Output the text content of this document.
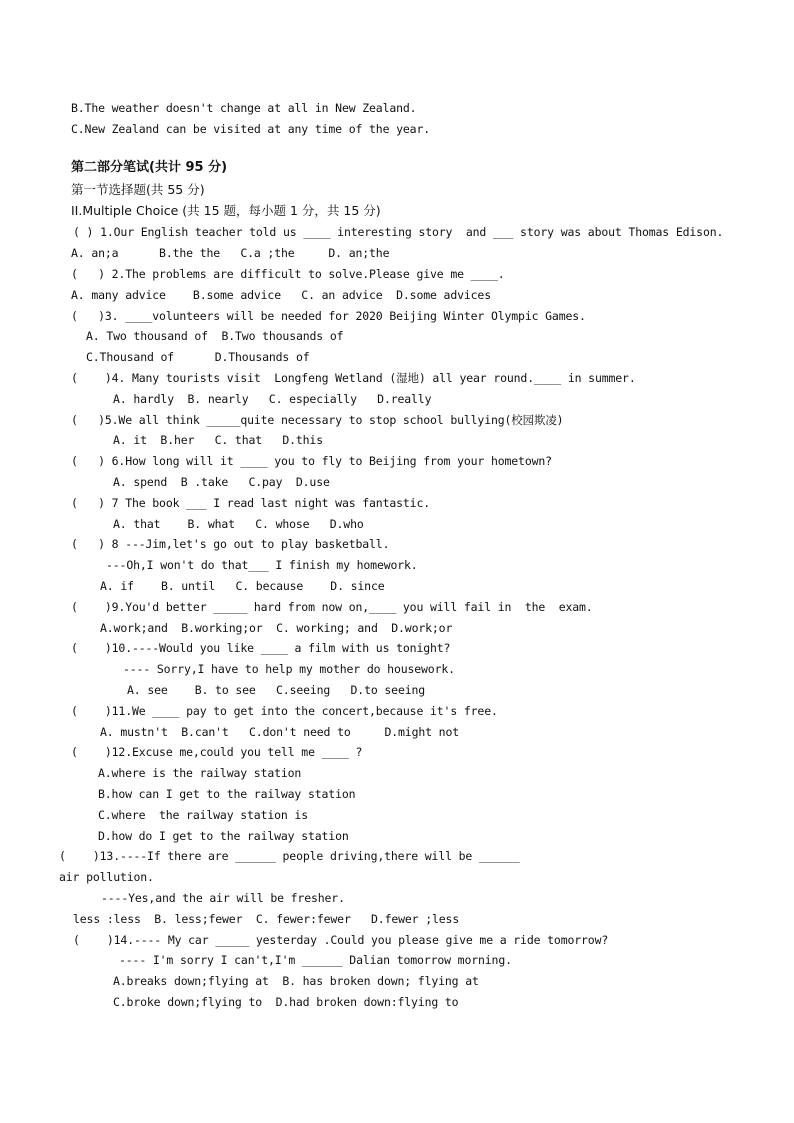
B.The weather doesn't change at all in New Zealand.
C.New Zealand can be visited at any time of the year.
第二部分笔试(共计 95 分)
第一节选择题(共 55 分)
II.Multiple Choice (共 15 题，每小题 1 分，共 15 分)
( ) 1.Our English teacher told us ____ interesting story  and ___ story was about Thomas Edison.
A. an;a      B.the the   C.a ;the     D. an;the
(   ) 2.The problems are difficult to solve.Please give me ____.
A. many advice    B.some advice   C. an advice  D.some advices
(   )3. ____volunteers will be needed for 2020 Beijing Winter Olympic Games.
A. Two thousand of  B.Two thousands of
C.Thousand of      D.Thousands of
(    )4. Many tourists visit  Longfeng Wetland (湿地) all year round.____ in summer.
A. hardly  B. nearly   C. especially   D.really
(   )5.We all think _____quite necessary to stop school bullying(校园欺凌)
A. it  B.her   C. that   D.this
(   ) 6.How long will it ____ you to fly to Beijing from your hometown?
A. spend  B .take   C.pay  D.use
(   ) 7 The book ___ I read last night was fantastic.
A. that    B. what   C. whose   D.who
(   ) 8 ---Jim,let's go out to play basketball.
---Oh,I won't do that___ I finish my homework.
A. if    B. until   C. because    D. since
(    )9.You'd better _____ hard from now on,____ you will fail in  the  exam.
A.work;and  B.working;or  C. working; and  D.work;or
(    )10.----Would you like ____ a film with us tonight?
---- Sorry,I have to help my mother do housework.
A. see    B. to see   C.seeing   D.to seeing
(    )11.We ____ pay to get into the concert,because it's free.
A. mustn't  B.can't   C.don't need to     D.might not
(    )12.Excuse me,could you tell me ____ ?
A.where is the railway station
B.how can I get to the railway station
C.where  the railway station is
D.how do I get to the railway station
(    )13.----If there are ______ people driving,there will be ______
air pollution.
----Yes,and the air will be fresher.
less :less  B. less;fewer  C. fewer:fewer   D.fewer ;less
(    )14.---- My car _____ yesterday .Could you please give me a ride tomorrow?
---- I'm sorry I can't,I'm ______ Dalian tomorrow morning.
A.breaks down;flying at  B. has broken down; flying at
C.broke down;flying to  D.had broken down:flying to
